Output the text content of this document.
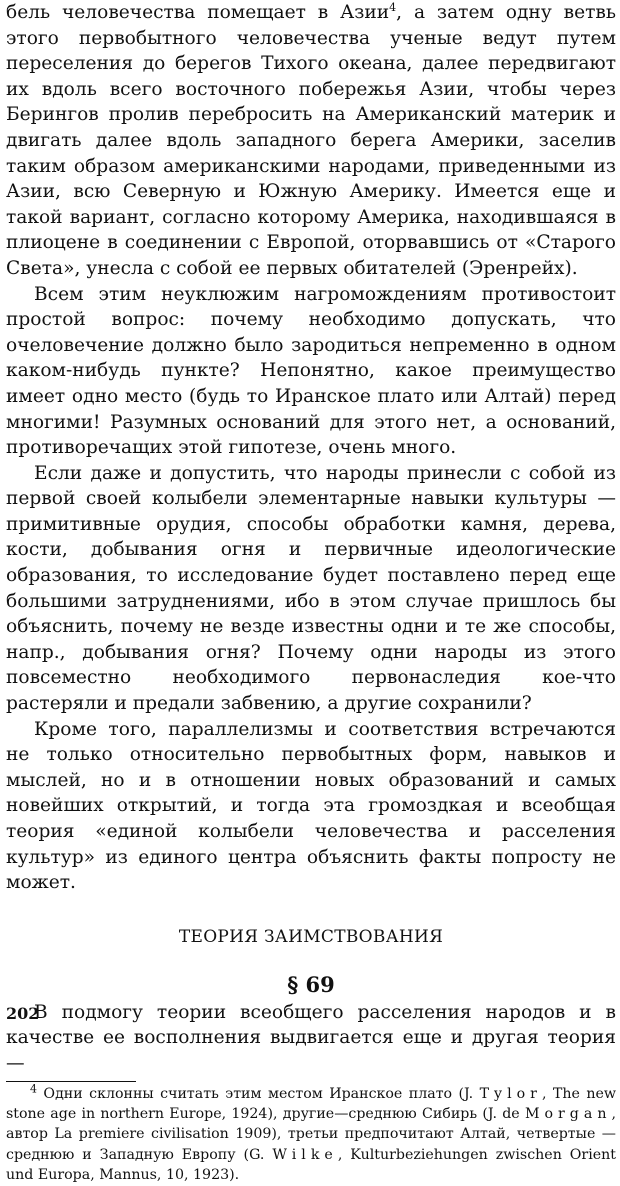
бель человечества помещает в Азии$^4$, а затем одну ветвь этого первобытного человечества ученые ведут путем переселения до берегов Тихого океана, далее передвигают их вдоль всего восточного побережья Азии, чтобы через Берингов пролив перебросить на Американский материк и двигать далее вдоль западного берега Америки, заселив таким образом американскими народами, приведенными из Азии, всю Северную и Южную Америку. Имеется еще и такой вариант, согласно которому Америка, находившаяся в плиоцене в соединении с Европой, оторвавшись от «Старого Света», унесла с собой ее первых обитателей (Эренрейх).

Всем этим неуклюжим нагромождениям противостоит простой вопрос: почему необходимо допускать, что очеловечение должно было зародиться непременно в одном каком-нибудь пункте? Непонятно, какое преимущество имеет одно место (будь то Иранское плато или Алтай) перед многими! Разумных оснований для этого нет, а оснований, противоречащих этой гипотезе, очень много.

Если даже и допустить, что народы принесли с собой из первой своей колыбели элементарные навыки культуры — примитивные орудия, способы обработки камня, дерева, кости, добывания огня и первичные идеологические образования, то исследование будет поставлено перед еще большими затруднениями, ибо в этом случае пришлось бы объяснить, почему не везде известны одни и те же способы, напр., добывания огня? Почему одни народы из этого повсеместно необходимого первонаследия кое-что растеряли и предали забвению, а другие сохранили?

Кроме того, параллелизмы и соответствия встречаются не только относительно первобытных форм, навыков и мыслей, но и в отношении новых образований и самых новейших открытий, и тогда эта громоздкая и всеобщая теория «единой колыбели человечества и расселения культур» из единого центра объяснить факты попросту не может.

ТЕОРИЯ ЗАИМСТВОВАНИЯ
§ 69

В подмогу теории всеобщего расселения народов и в качестве ее восполнения выдвигается еще и другая теория —

$^4$ Одни склонны считать этим местом Иранское плато (J. Tylor, The new stone age in northern Europe, 1924), другие—среднюю Сибирь (J. de Morgan, автор La premiere civilisation 1909), третьи предпочитают Алтай, четвертые — среднюю и Западную Европу (G. Wilke, Kulturbeziehungen zwischen Orient und Europa, Mannus, 10, 1923).

202
